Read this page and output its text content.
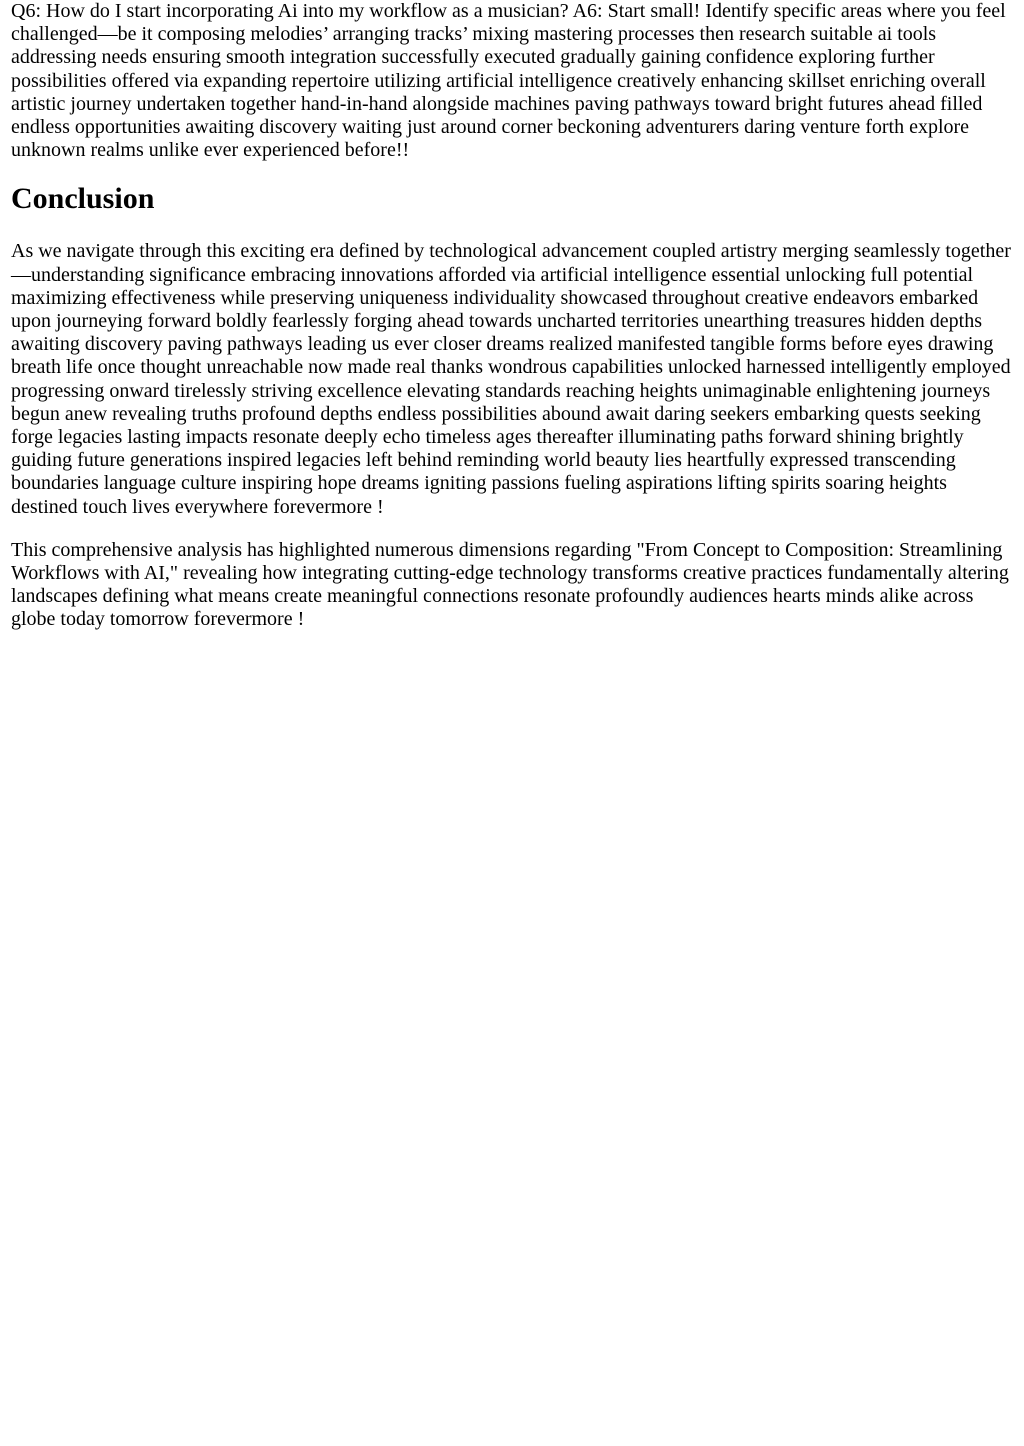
Q6: How do I start incorporating Ai into my workflow as a musician? A6: Start small! Identify specific areas where you feel challenged—be it composing melodies’ arranging tracks’ mixing mastering processes then research suitable ai tools addressing needs ensuring smooth integration successfully executed gradually gaining confidence exploring further possibilities offered via expanding repertoire utilizing artificial intelligence creatively enhancing skillset enriching overall artistic journey undertaken together hand-in-hand alongside machines paving pathways toward bright futures ahead filled endless opportunities awaiting discovery waiting just around corner beckoning adventurers daring venture forth explore unknown realms unlike ever experienced before!!

Conclusion

As we navigate through this exciting era defined by technological advancement coupled artistry merging seamlessly together—understanding significance embracing innovations afforded via artificial intelligence essential unlocking full potential maximizing effectiveness while preserving uniqueness individuality showcased throughout creative endeavors embarked upon journeying forward boldly fearlessly forging ahead towards uncharted territories unearthing treasures hidden depths awaiting discovery paving pathways leading us ever closer dreams realized manifested tangible forms before eyes drawing breath life once thought unreachable now made real thanks wondrous capabilities unlocked harnessed intelligently employed progressing onward tirelessly striving excellence elevating standards reaching heights unimaginable enlightening journeys begun anew revealing truths profound depths endless possibilities abound await daring seekers embarking quests seeking forge legacies lasting impacts resonate deeply echo timeless ages thereafter illuminating paths forward shining brightly guiding future generations inspired legacies left behind reminding world beauty lies heartfully expressed transcending boundaries language culture inspiring hope dreams igniting passions fueling aspirations lifting spirits soaring heights destined touch lives everywhere forevermore !

This comprehensive analysis has highlighted numerous dimensions regarding "From Concept to Composition: Streamlining Workflows with AI," revealing how integrating cutting-edge technology transforms creative practices fundamentally altering landscapes defining what means create meaningful connections resonate profoundly audiences hearts minds alike across globe today tomorrow forevermore !
